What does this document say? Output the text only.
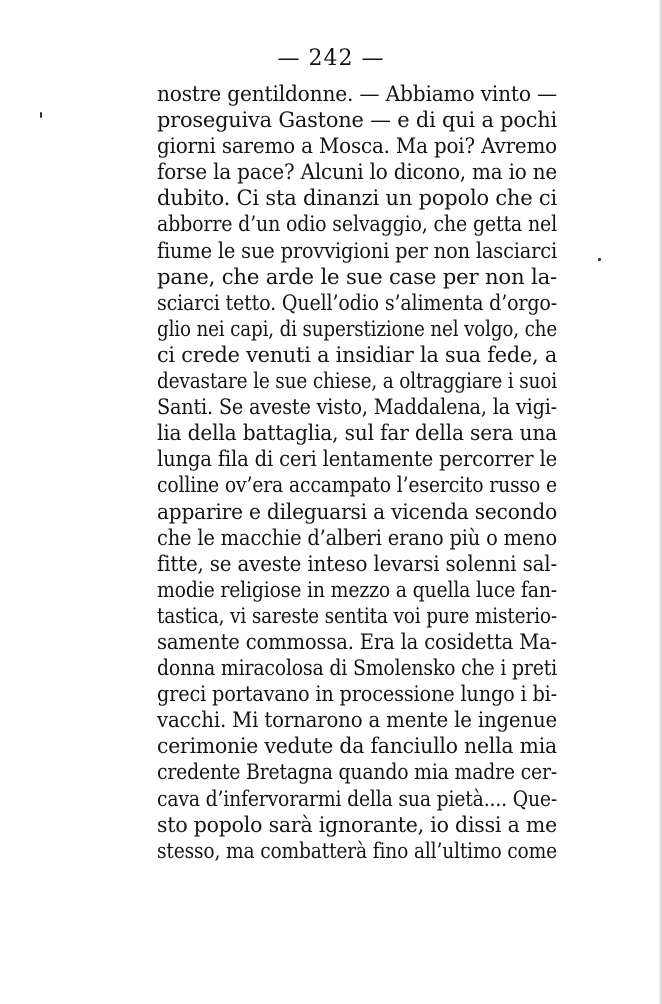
— 242 —
nostre gentildonne. — Abbiamo vinto —
proseguiva Gastone — e di qui a pochi
giorni saremo a Mosca. Ma poi? Avremo
forse la pace? Alcuni lo dicono, ma io ne
dubito. Ci sta dinanzi un popolo che ci
abborre d’un odio selvaggio, che getta nel
fiume le sue provvigioni per non lasciarci
pane, che arde le sue case per non la-
sciarci tetto. Quell’odio s’alimenta d’orgo-
glio nei capi, di superstizione nel volgo, che
ci crede venuti a insidiar la sua fede, a
devastare le sue chiese, a oltraggiare i suoi
Santi. Se aveste visto, Maddalena, la vigi-
lia della battaglia, sul far della sera una
lunga fila di ceri lentamente percorrer le
colline ov’era accampato l’esercito russo e
apparire e dileguarsi a vicenda secondo
che le macchie d’alberi erano più o meno
fitte, se aveste inteso levarsi solenni sal-
modie religiose in mezzo a quella luce fan-
tastica, vi sareste sentita voi pure misterio-
samente commossa. Era la cosidetta Ma-
donna miracolosa di Smolensko che i preti
greci portavano in processione lungo i bi-
vacchi. Mi tornarono a mente le ingenue
cerimonie vedute da fanciullo nella mia
credente Bretagna quando mia madre cer-
cava d’infervorarmi della sua pietà.... Que-
sto popolo sarà ignorante, io dissi a me
stesso, ma combatterà fino all’ultimo come
